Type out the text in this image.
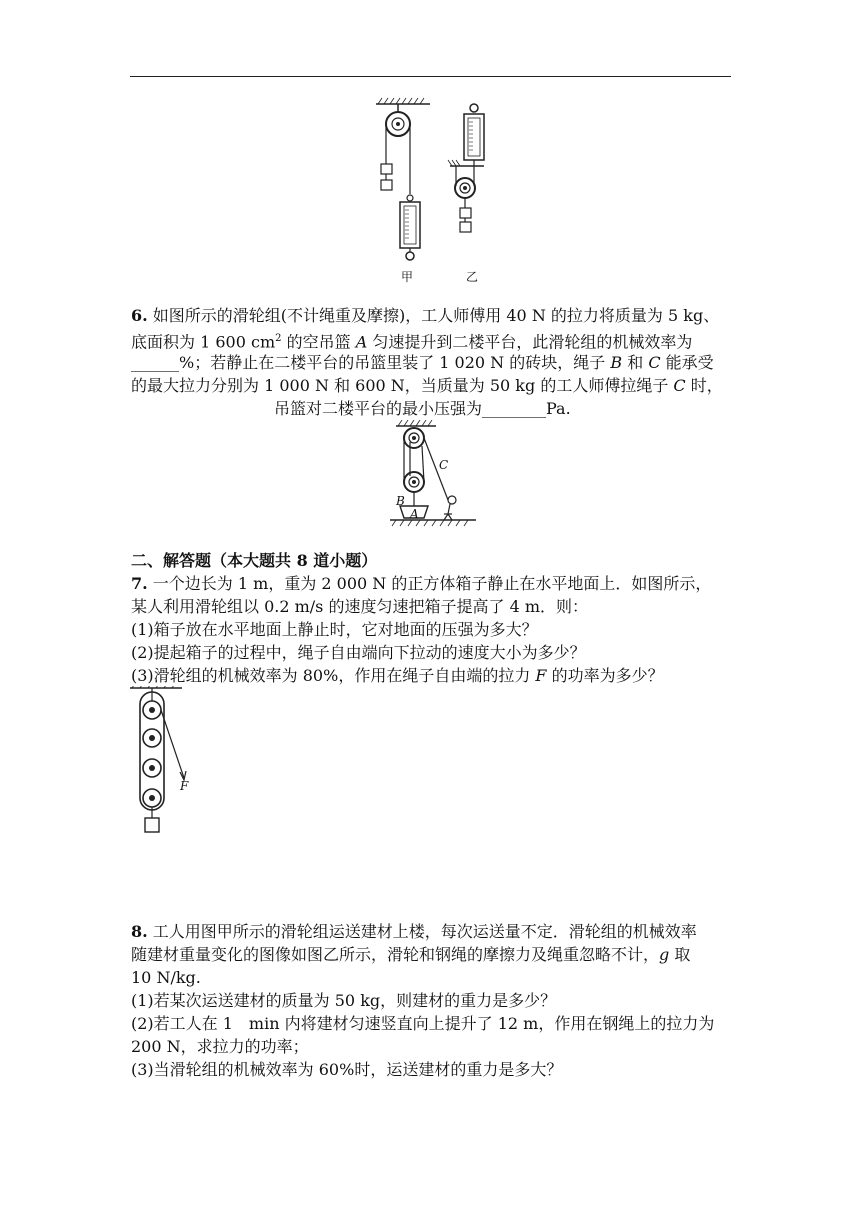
甲	乙
6. 如图所示的滑轮组(不计绳重及摩擦)，工人师傅用 40 N 的拉力将质量为 5 kg、
底面积为 1 600 $cm^2$ 的空吊篮 A 匀速提升到二楼平台，此滑轮组的机械效率为
______%；若静止在二楼平台的吊篮里装了 1 020 N 的砖块，绳子 B 和 C 能承受
的最大拉力分别为 1 000 N 和 600 N，当质量为 50 kg 的工人师傅拉绳子 C 时，
吊篮对二楼平台的最小压强为________Pa.
C
B
A
二、解答题（本大题共 8 道小题）
7. 一个边长为 1 m，重为 2 000 N 的正方体箱子静止在水平地面上．如图所示，
某人利用滑轮组以 0.2 m/s 的速度匀速把箱子提高了 4 m．则：
(1)箱子放在水平地面上静止时，它对地面的压强为多大？
(2)提起箱子的过程中，绳子自由端向下拉动的速度大小为多少？
(3)滑轮组的机械效率为 80%，作用在绳子自由端的拉力 F 的功率为多少？
F
8. 工人用图甲所示的滑轮组运送建材上楼，每次运送量不定．滑轮组的机械效率
随建材重量变化的图像如图乙所示，滑轮和钢绳的摩擦力及绳重忽略不计，g 取
10 N/kg.
(1)若某次运送建材的质量为 50 kg，则建材的重力是多少？
(2)若工人在 1　min 内将建材匀速竖直向上提升了 12 m，作用在钢绳上的拉力为
200 N，求拉力的功率；
(3)当滑轮组的机械效率为 60%时，运送建材的重力是多大？
